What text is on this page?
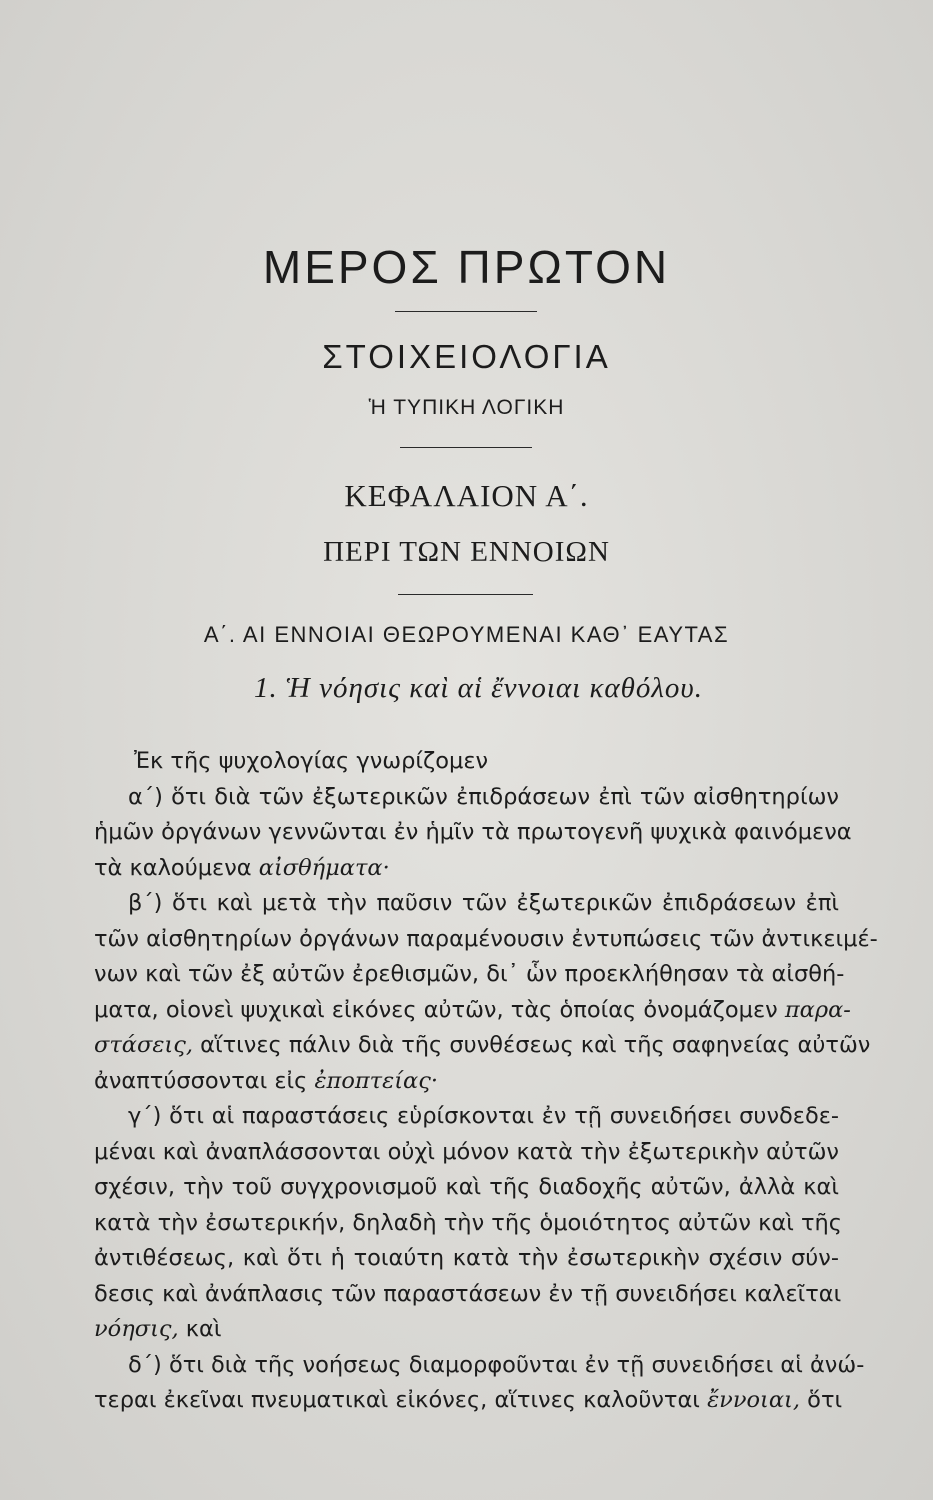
ΜΕΡΟΣ ΠΡΩΤΟΝ
ΣΤΟΙΧΕΙΟΛΟΓΙΑ
Ἡ ΤΥΠΙΚΗ ΛΟΓΙΚΗ
ΚΕΦΑΛΑΙΟΝ Α΄.
ΠΕΡΙ ΤΩΝ ΕΝΝΟΙΩΝ
Α΄. ΑΙ ΕΝΝΟΙΑΙ ΘΕΩΡΟΥΜΕΝΑΙ ΚΑΘ᾽ ΕΑΥΤΑΣ
1. Ἡ νόησις καὶ αἱ ἔννοιαι καθόλου.
Ἐκ τῆς ψυχολογίας γνωρίζομεν
α΄) ὅτι διὰ τῶν ἐξωτερικῶν ἐπιδράσεων ἐπὶ τῶν αἰσθητηρίων
ἡμῶν ὀργάνων γεννῶνται ἐν ἡμῖν τὰ πρωτογενῆ ψυχικὰ φαινόμενα
τὰ καλούμενα αἰσθήματα·
β΄) ὅτι καὶ μετὰ τὴν παῦσιν τῶν ἐξωτερικῶν ἐπιδράσεων ἐπὶ
τῶν αἰσθητηρίων ὀργάνων παραμένουσιν ἐντυπώσεις τῶν ἀντικειμέ-
νων καὶ τῶν ἐξ αὐτῶν ἐρεθισμῶν, δι᾽ ὧν προεκλήθησαν τὰ αἰσθή-
ματα, οἱονεὶ ψυχικαὶ εἰκόνες αὐτῶν, τὰς ὁποίας ὀνομάζομεν παρα-
στάσεις, αἵτινες πάλιν διὰ τῆς συνθέσεως καὶ τῆς σαφηνείας αὐτῶν
ἀναπτύσσονται εἰς ἐποπτείας·
γ΄) ὅτι αἱ παραστάσεις εὑρίσκονται ἐν τῇ συνειδήσει συνδεδε-
μέναι καὶ ἀναπλάσσονται οὐχὶ μόνον κατὰ τὴν ἐξωτερικὴν αὐτῶν
σχέσιν, τὴν τοῦ συγχρονισμοῦ καὶ τῆς διαδοχῆς αὐτῶν, ἀλλὰ καὶ
κατὰ τὴν ἐσωτερικήν, δηλαδὴ τὴν τῆς ὁμοιότητος αὐτῶν καὶ τῆς
ἀντιθέσεως, καὶ ὅτι ἡ τοιαύτη κατὰ τὴν ἐσωτερικὴν σχέσιν σύν-
δεσις καὶ ἀνάπλασις τῶν παραστάσεων ἐν τῇ συνειδήσει καλεῖται
νόησις, καὶ
δ΄) ὅτι διὰ τῆς νοήσεως διαμορφοῦνται ἐν τῇ συνειδήσει αἱ ἀνώ-
τεραι ἐκεῖναι πνευματικαὶ εἰκόνες, αἵτινες καλοῦνται ἔννοιαι, ὅτι
